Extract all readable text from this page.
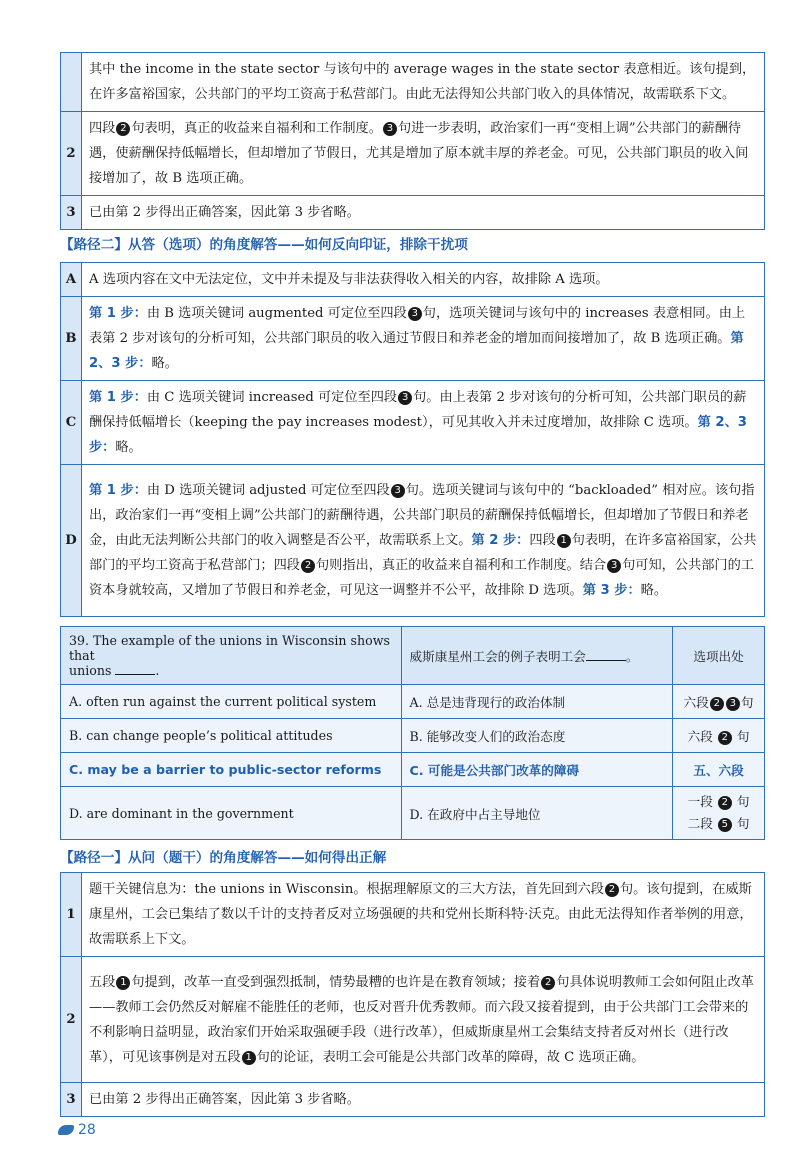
	其中 the income in the state sector 与该句中的 average wages in the state sector 表意相近。该句提到，在许多富裕国家，公共部门的平均工资高于私营部门。由此无法得知公共部门收入的具体情况，故需联系下文。
2	四段 2 句表明，真正的收益来自福利和工作制度。 3 句进一步表明，政治家们一再“变相上调”公共部门的薪酬待遇，使薪酬保持低幅增长，但却增加了节假日，尤其是增加了原本就丰厚的养老金。可见，公共部门职员的收入间接增加了，故 B 选项正确。
3	已由第 2 步得出正确答案，因此第 3 步省略。
【路径二】从答（选项）的角度解答——如何反向印证，排除干扰项
A	A 选项内容在文中无法定位，文中并未提及与非法获得收入相关的内容，故排除 A 选项。
B	第 1 步：由 B 选项关键词 augmented 可定位至四段 3 句，选项关键词与该句中的 increases 表意相同。由上表第 2 步对该句的分析可知，公共部门职员的收入通过节假日和养老金的增加而间接增加了，故 B 选项正确。第 2、3 步：略。
C	第 1 步：由 C 选项关键词 increased 可定位至四段 3 句。由上表第 2 步对该句的分析可知，公共部门职员的薪酬保持低幅增长（keeping the pay increases modest），可见其收入并未过度增加，故排除 C 选项。第 2、3 步：略。
D	第 1 步：由 D 选项关键词 adjusted 可定位至四段 3 句。选项关键词与该句中的 “backloaded” 相对应。该句指出，政治家们一再“变相上调”公共部门的薪酬待遇，公共部门职员的薪酬保持低幅增长，但却增加了节假日和养老金，由此无法判断公共部门的收入调整是否公平，故需联系上文。第 2 步：四段 1 句表明，在许多富裕国家，公共部门的平均工资高于私营部门；四段 2 句则指出，真正的收益来自福利和工作制度。结合 3 句可知，公共部门的工资本身就较高，又增加了节假日和养老金，可见这一调整并不公平，故排除 D 选项。第 3 步：略。
39. The example of the unions in Wisconsin shows that
unions .	威斯康星州工会的例子表明工会 。	选项出处
A. often run against the current political system	A. 总是违背现行的政治体制	六段 2 3 句
B. can change people’s political attitudes	B. 能够改变人们的政治态度	六段 2 句
C. may be a barrier to public-sector reforms	C. 可能是公共部门改革的障碍	五、六段
D. are dominant in the government	D. 在政府中占主导地位	一段 2 句
二段 5 句
【路径一】从问（题干）的角度解答——如何得出正解
1	题干关键信息为：the unions in Wisconsin。根据理解原文的三大方法，首先回到六段 2 句。该句提到，在威斯康星州，工会已集结了数以千计的支持者反对立场强硬的共和党州长斯科特·沃克。由此无法得知作者举例的用意，故需联系上下文。
2	五段 1 句提到，改革一直受到强烈抵制，情势最糟的也许是在教育领域；接着 2 句具体说明教师工会如何阻止改革——教师工会仍然反对解雇不能胜任的老师，也反对晋升优秀教师。而六段又接着提到，由于公共部门工会带来的不利影响日益明显，政治家们开始采取强硬手段（进行改革），但威斯康星州工会集结支持者反对州长（进行改革），可见该事例是对五段 1 句的论证，表明工会可能是公共部门改革的障碍，故 C 选项正确。
3	已由第 2 步得出正确答案，因此第 3 步省略。
28
